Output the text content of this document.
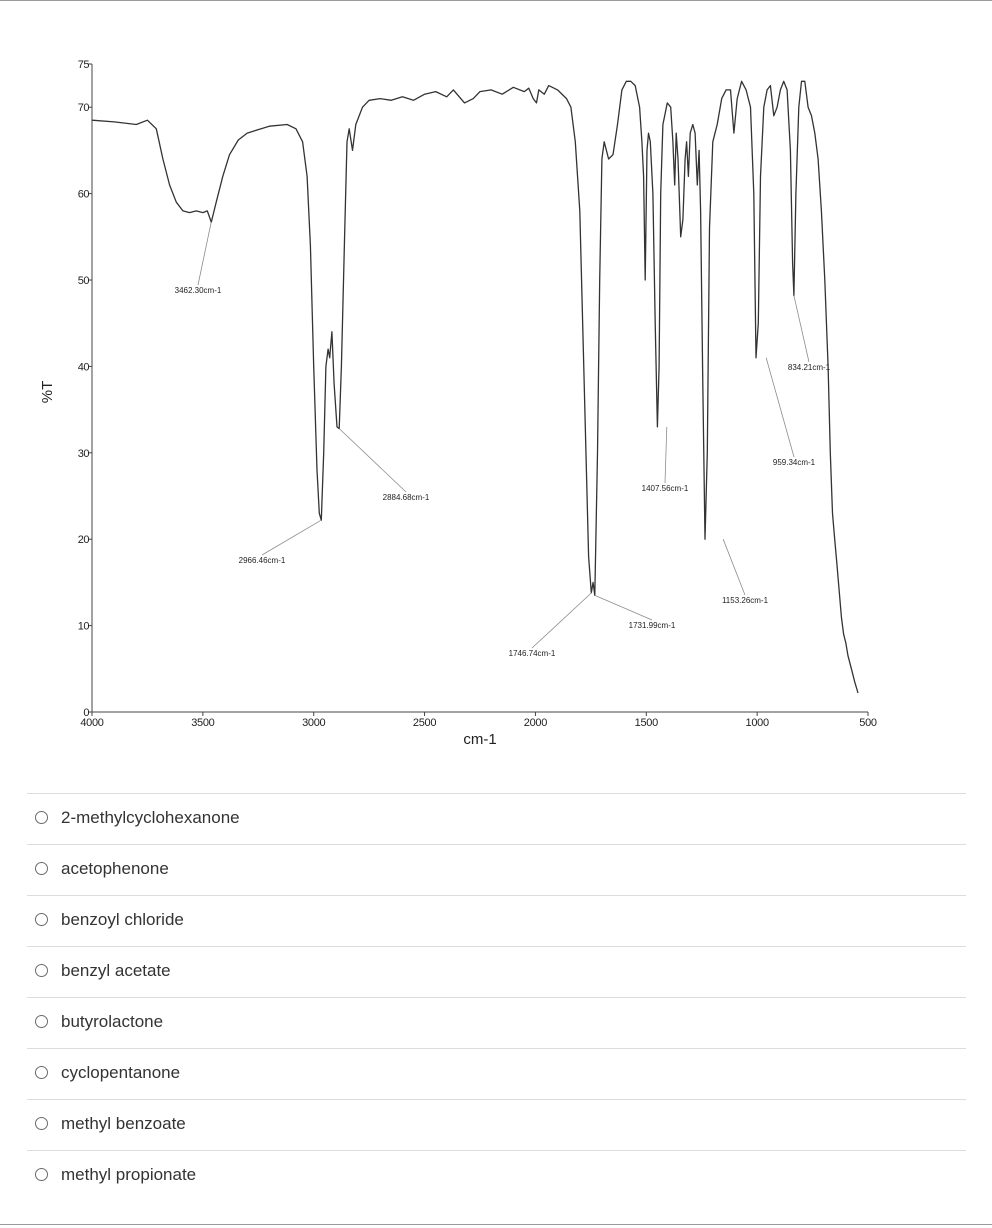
0
10
20
30
40
50
60
70
75
4000	3500	3000	2500	2000	1500	1000	500
cm-1
%T
3462.30cm-1
2966.46cm-1
2884.68cm-1
1746.74cm-1
1731.99cm-1
1407.56cm-1
1153.26cm-1
959.34cm-1
834.21cm-1
2-methylcyclohexanone
acetophenone
benzoyl chloride
benzyl acetate
butyrolactone
cyclopentanone
methyl benzoate
methyl propionate
